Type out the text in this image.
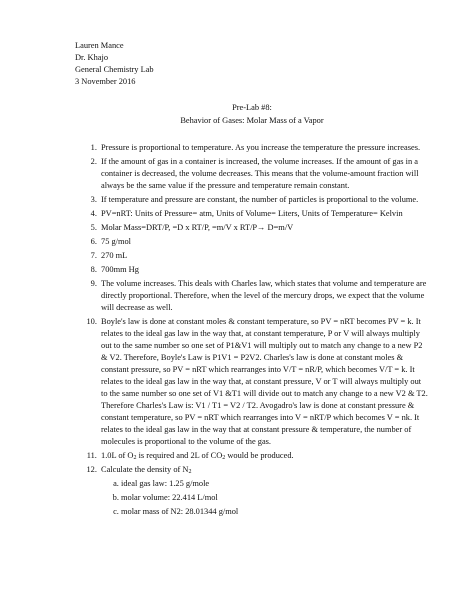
Lauren Mance
Dr. Khajo
General Chemistry Lab
3 November 2016
Pre-Lab #8:
Behavior of Gases: Molar Mass of a Vapor
1. Pressure is proportional to temperature. As you increase the temperature the pressure increases.
2. If the amount of gas in a container is increased, the volume increases. If the amount of gas in a container is decreased, the volume decreases. This means that the volume-amount fraction will always be the same value if the pressure and temperature remain constant.
3. If temperature and pressure are constant, the number of particles is proportional to the volume.
4. PV=nRT: Units of Pressure= atm, Units of Volume= Liters, Units of Temperature= Kelvin
5. Molar Mass=DRT/P, =D x RT/P, =m/V x RT/P→ D=m/V
6. 75 g/mol
7. 270 mL
8. 700mm Hg
9. The volume increases. This deals with Charles law, which states that volume and temperature are directly proportional. Therefore, when the level of the mercury drops, we expect that the volume will decrease as well.
10. Boyle's law is done at constant moles & constant temperature, so PV = nRT becomes PV = k. It relates to the ideal gas law in the way that, at constant temperature, P or V will always multiply out to the same number so one set of P1&V1 will multiply out to match any change to a new P2 & V2. Therefore, Boyle's Law is P1V1 = P2V2. Charles's law is done at constant moles & constant pressure, so PV = nRT which rearranges into V/T = nR/P, which becomes V/T = k. It relates to the ideal gas law in the way that, at constant pressure, V or T will always multiply out to the same number so one set of V1 &T1 will divide out to match any change to a new V2 & T2. Therefore Charles's Law is: V1 / T1 = V2 / T2. Avogadro's law is done at constant pressure & constant temperature, so PV = nRT which rearranges into V = nRT/P which becomes V = nk. It relates to the ideal gas law in the way that at constant pressure & temperature, the number of molecules is proportional to the volume of the gas.
11. 1.0L of $O_2$ is required and 2L of $CO_2$ would be produced.
12. Calculate the density of $N_2$
a. ideal gas law: 1.25 g/mole
b. molar volume: 22.414 L/mol
c. molar mass of N2: 28.01344 g/mol
